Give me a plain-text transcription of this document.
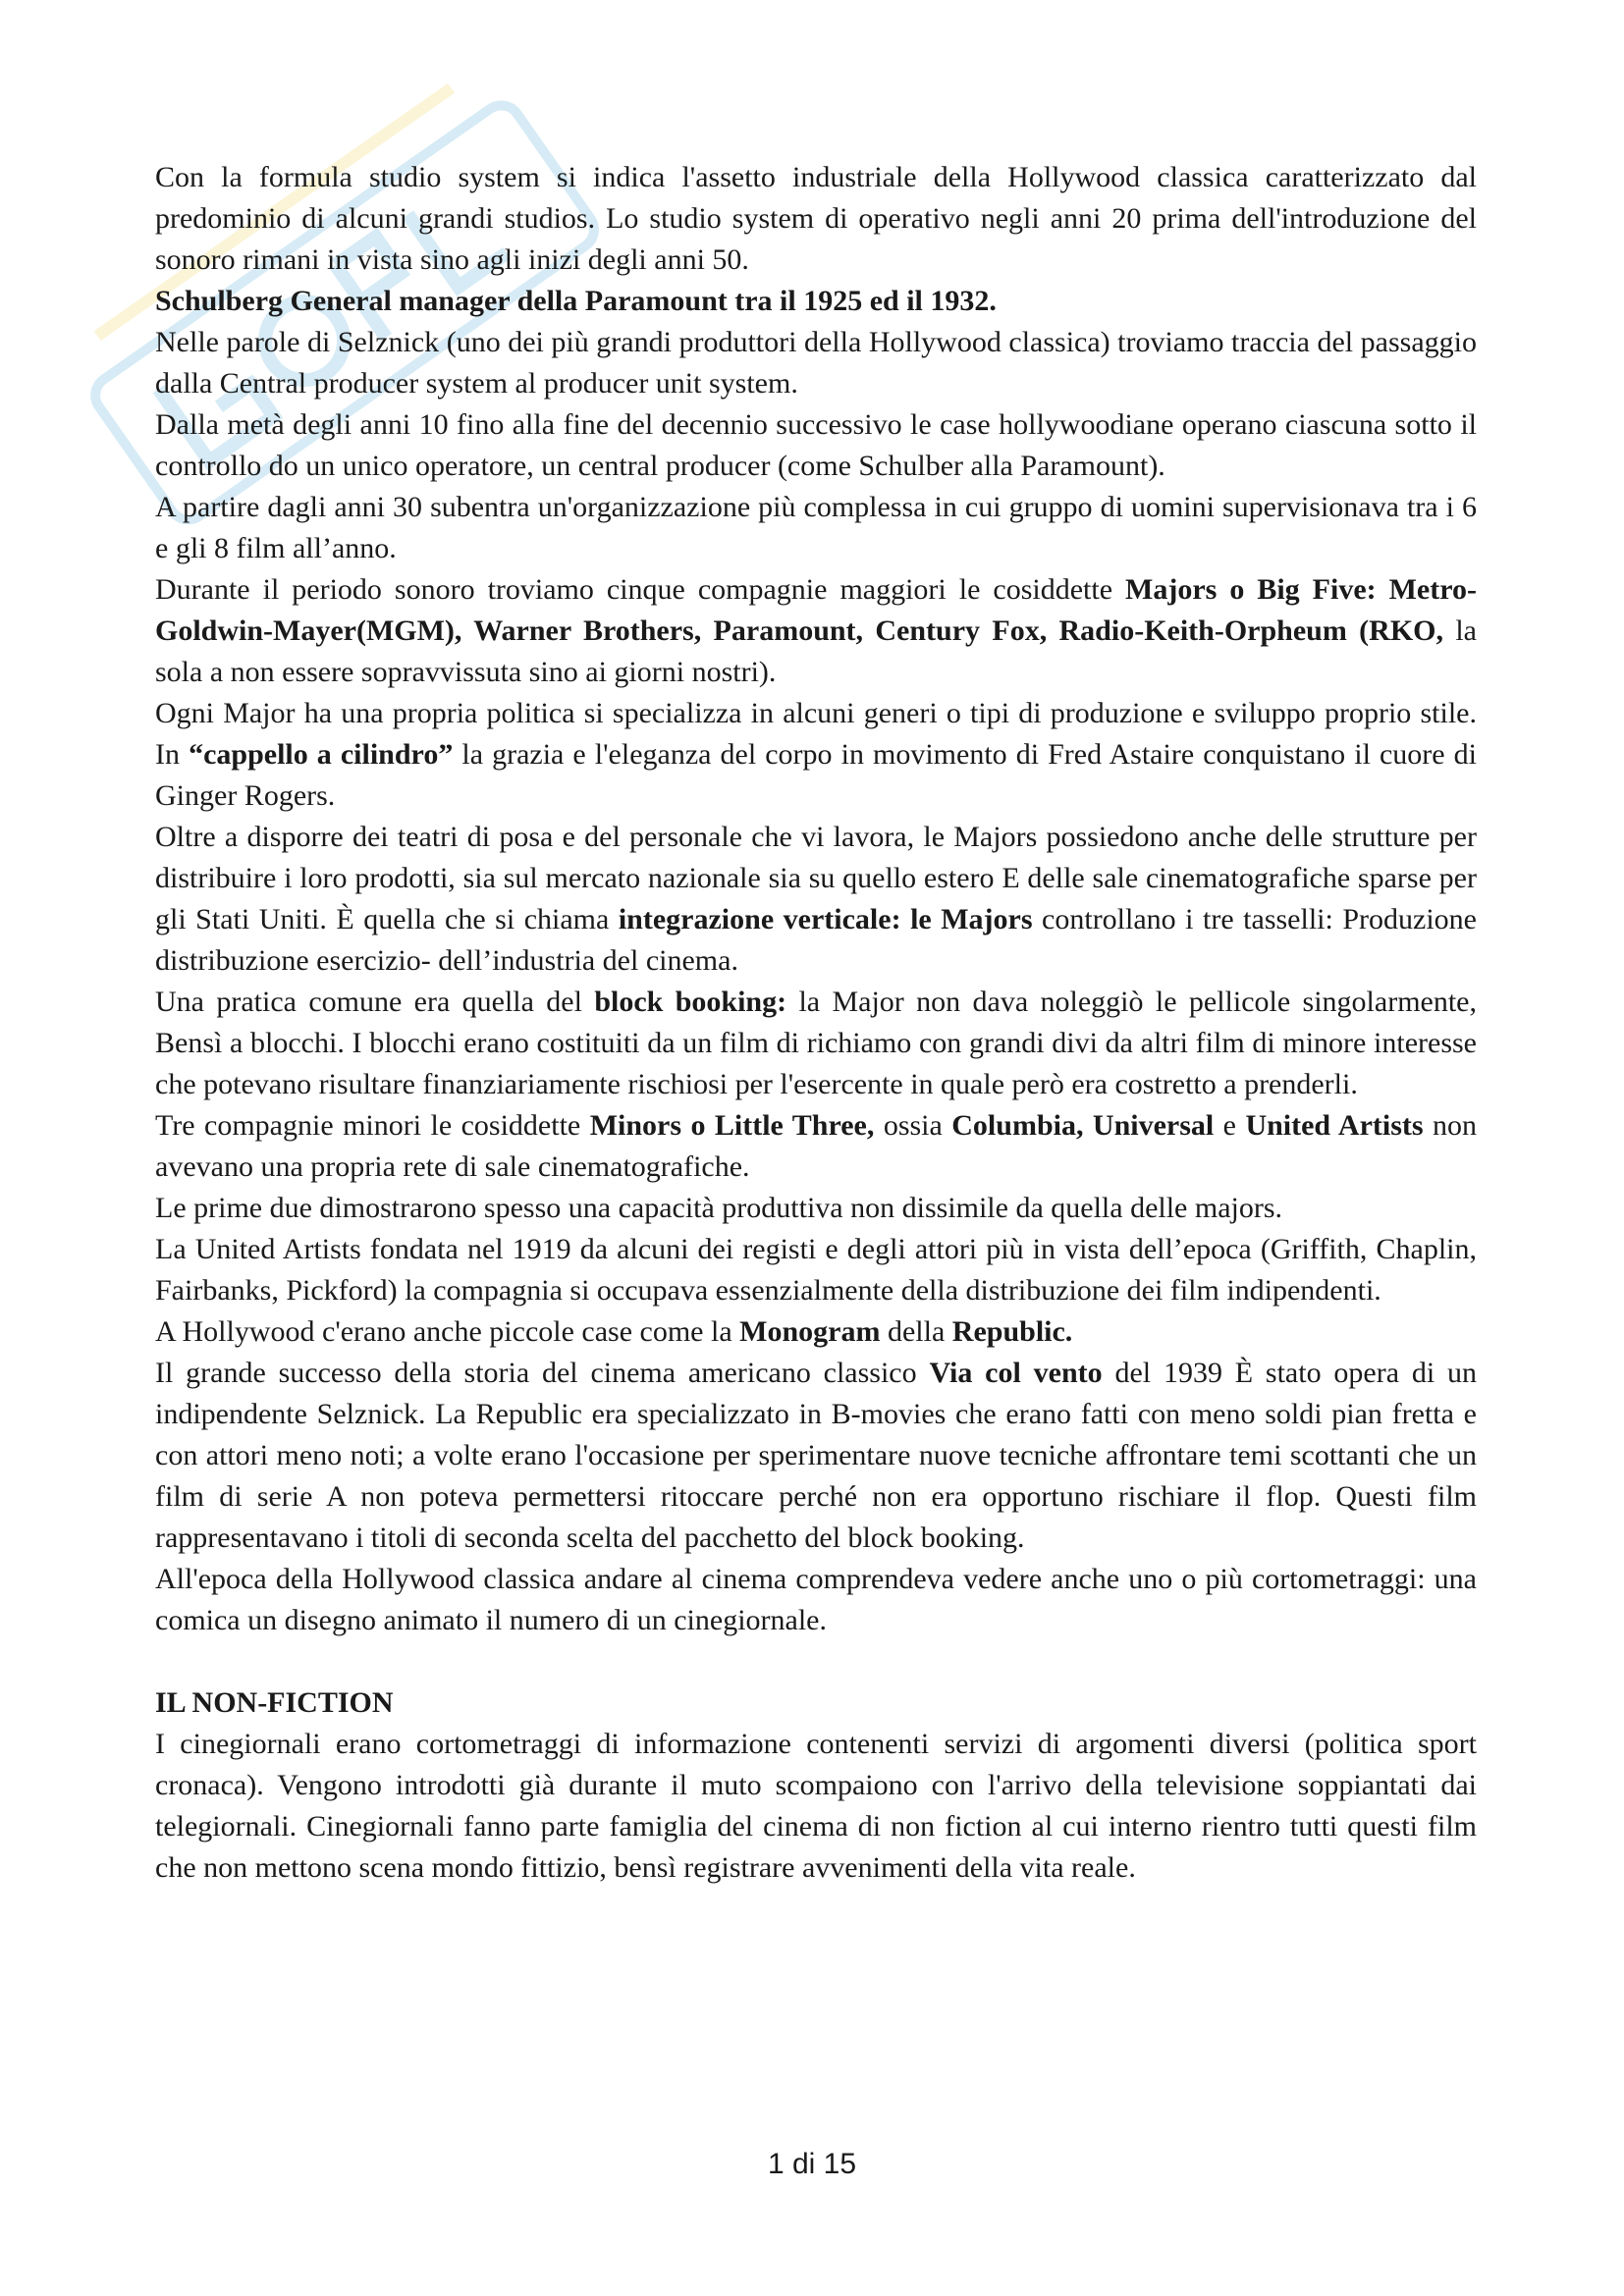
Con la formula studio system si indica l'assetto industriale della Hollywood classica caratterizzato dal predominio di alcuni grandi studios. Lo studio system di operativo negli anni 20 prima dell'introduzione del sonoro rimani in vista sino agli inizi degli anni 50.

Schulberg General manager della Paramount tra il 1925 ed il 1932.

Nelle parole di Selznick (uno dei più grandi produttori della Hollywood classica) troviamo traccia del passaggio dalla Central producer system al producer unit system.

Dalla metà degli anni 10 fino alla fine del decennio successivo le case hollywoodiane operano ciascuna sotto il controllo do un unico operatore, un central producer (come Schulber alla Paramount).

A partire dagli anni 30 subentra un'organizzazione più complessa in cui gruppo di uomini supervisionava tra i 6 e gli 8 film all’anno.

Durante il periodo sonoro troviamo cinque compagnie maggiori le cosiddette Majors o Big Five: Metro-Goldwin-Mayer(MGM), Warner Brothers, Paramount, Century Fox, Radio-Keith-Orpheum (RKO, la sola a non essere sopravvissuta sino ai giorni nostri).

Ogni Major ha una propria politica si specializza in alcuni generi o tipi di produzione e sviluppo proprio stile. In “cappello a cilindro” la grazia e l'eleganza del corpo in movimento di Fred Astaire conquistano il cuore di Ginger Rogers.

Oltre a disporre dei teatri di posa e del personale che vi lavora, le Majors possiedono anche delle strutture per distribuire i loro prodotti, sia sul mercato nazionale sia su quello estero E delle sale cinematografiche sparse per gli Stati Uniti. È quella che si chiama integrazione verticale: le Majors controllano i tre tasselli: Produzione distribuzione esercizio- dell’industria del cinema.

Una pratica comune era quella del block booking: la Major non dava noleggiò le pellicole singolarmente, Bensì a blocchi. I blocchi erano costituiti da un film di richiamo con grandi divi da altri film di minore interesse che potevano risultare finanziariamente rischiosi per l'esercente in quale però era costretto a prenderli.

Tre compagnie minori le cosiddette Minors o Little Three, ossia Columbia, Universal e United Artists non avevano una propria rete di sale cinematografiche.

Le prime due dimostrarono spesso una capacità produttiva non dissimile da quella delle majors.

La United Artists fondata nel 1919 da alcuni dei registi e degli attori più in vista dell’epoca (Griffith, Chaplin, Fairbanks, Pickford) la compagnia si occupava essenzialmente della distribuzione dei film indipendenti.

A Hollywood c'erano anche piccole case come la Monogram della Republic.

Il grande successo della storia del cinema americano classico Via col vento del 1939 È stato opera di un indipendente Selznick. La Republic era specializzato in B-movies che erano fatti con meno soldi pian fretta e con attori meno noti; a volte erano l'occasione per sperimentare nuove tecniche affrontare temi scottanti che un film di serie A non poteva permettersi ritoccare perché non era opportuno rischiare il flop. Questi film rappresentavano i titoli di seconda scelta del pacchetto del block booking.

All'epoca della Hollywood classica andare al cinema comprendeva vedere anche uno o più cortometraggi: una comica un disegno animato il numero di un cinegiornale.

IL NON-FICTION

I cinegiornali erano cortometraggi di informazione contenenti servizi di argomenti diversi (politica sport cronaca). Vengono introdotti già durante il muto scompaiono con l'arrivo della televisione soppiantati dai telegiornali. Cinegiornali fanno parte famiglia del cinema di non fiction al cui interno rientro tutti questi film che non mettono scena mondo fittizio, bensì registrare avvenimenti della vita reale.

1 di 15
